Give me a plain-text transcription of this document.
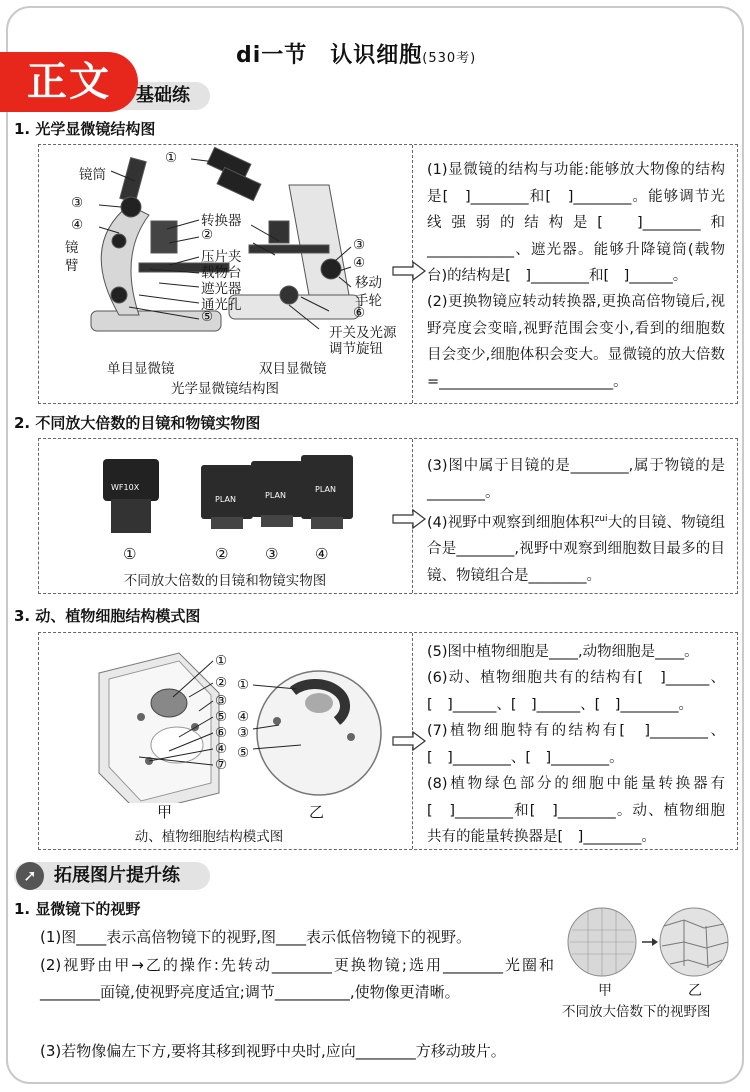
正文
di一节　认识细胞(530考)
基础练
1. 光学显微镜结构图
镜筒
①
③
④
镜
臂
转换器
②
压片夹
载物台
遮光器
通光孔
⑤
③
④
移动
手轮
⑥
开关及光源
调节旋钮
单目显微镜	双目显微镜
光学显微镜结构图
(1)显微镜的结构与功能:能够放大物像的结构是[　]________和[　]________。能够调节光线强弱的结构是[　]________和____________、遮光器。能够升降镜筒(载物台)的结构是[　]________和[　]______。
(2)更换物镜应转动转换器,更换高倍物镜后,视野亮度会变暗,视野范围会变小,看到的细胞数目会变少,细胞体积会变大。显微镜的放大倍数=________________________。
2. 不同放大倍数的目镜和物镜实物图
WF10X
PLAN	PLAN
PLAN
①	② ③ ④
不同放大倍数的目镜和物镜实物图
(3)图中属于目镜的是________,属于物镜的是________。
(4)视野中观察到细胞体积$^{zui}$大的目镜、物镜组合是________,视野中观察到细胞数目最多的目镜、物镜组合是________。
3. 动、植物细胞结构模式图
①
②
③
⑤
⑥
④
⑦
①
④
③
⑤
甲	乙
动、植物细胞结构模式图
(5)图中植物细胞是____,动物细胞是____。
(6)动、植物细胞共有的结构有[　]______、[　]______、[　]______、[　]________。
(7)植物细胞特有的结构有[　]________、[　]________、[　]________。
(8)植物绿色部分的细胞中能量转换器有[　]________和[　]________。动、植物细胞共有的能量转换器是[　]________。
拓展图片提升练
➚
1. 显微镜下的视野
(1)图____表示高倍物镜下的视野,图____表示低倍物镜下的视野。
(2)视野由甲→乙的操作:先转动________更换物镜;选用________光圈和________面镜,使视野亮度适宜;调节__________,使物像更清晰。
(3)若物像偏左下方,要将其移到视野中央时,应向________方移动玻片。
甲	乙
不同放大倍数下的视野图
